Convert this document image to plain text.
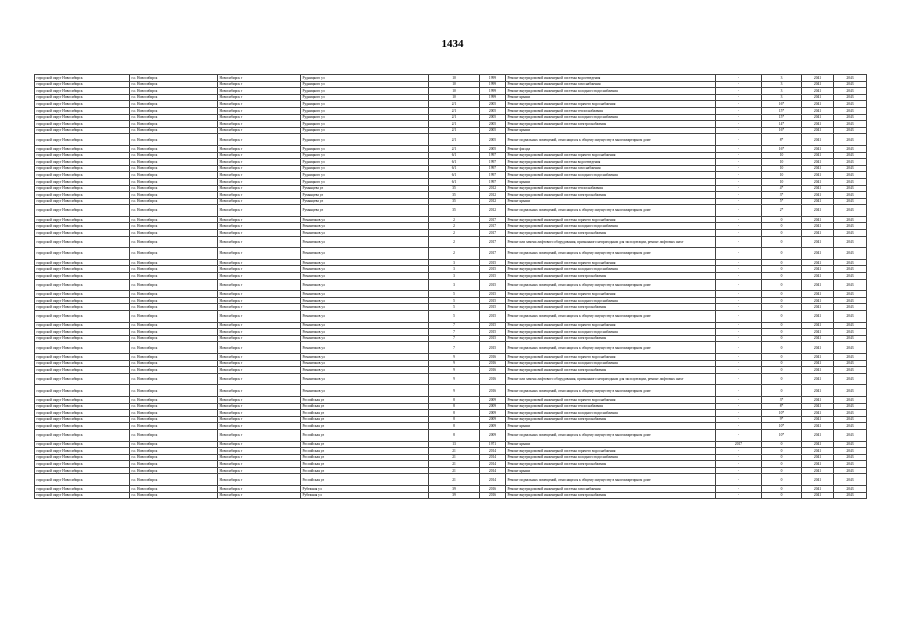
1434
городской округ Новосибирск	г.о. Новосибирск	Новосибирск г	Рудницкого ул	10	1999	Ремонт внутридомовой инженерной системы водоотведения	-	3	2041	2043
городской округ Новосибирск	г.о. Новосибирск	Новосибирск г	Рудницкого ул	10	1999	Ремонт внутридомовой инженерной системы газоснабжения	-	3	2041	2043
городской округ Новосибирск	г.о. Новосибирск	Новосибирск г	Рудницкого ул	10	1999	Ремонт внутридомовой инженерной системы холодного водоснабжения	-	3	2041	2043
городской округ Новосибирск	г.о. Новосибирск	Новосибирск г	Рудницкого ул	10	1999	Ремонт крыши	-	3	2041	2043
городской округ Новосибирск	г.о. Новосибирск	Новосибирск г	Рудницкого ул	2/1	2005	Ремонт внутридомовой инженерной системы горячего водоснабжения	-	16*	2041	2043
городской округ Новосибирск	г.о. Новосибирск	Новосибирск г	Рудницкого ул	2/1	2005	Ремонт внутридомовой инженерной системы теплоснабжения	-	15*	2041	2043
городской округ Новосибирск	г.о. Новосибирск	Новосибирск г	Рудницкого ул	2/1	2005	Ремонт внутридомовой инженерной системы холодного водоснабжения	-	15*	2041	2043
городской округ Новосибирск	г.о. Новосибирск	Новосибирск г	Рудницкого ул	2/1	2005	Ремонт внутридомовой инженерной системы электроснабжения	-	14*	2041	2043
городской округ Новосибирск	г.о. Новосибирск	Новосибирск г	Рудницкого ул	2/1	2005	Ремонт крыши	-	16*	2041	2043
городской округ Новосибирск	г.о. Новосибирск	Новосибирск г	Рудницкого ул	2/1	2005	Ремонт подвальных помещений, относящихся к общему имуществу в многоквартирном доме	-	8*	2041	2043
городской округ Новосибирск	г.о. Новосибирск	Новосибирск г	Рудницкого ул	2/1	2005	Ремонт фасада	-	16*	2041	2043
городской округ Новосибирск	г.о. Новосибирск	Новосибирск г	Рудницкого ул	6/1	1997	Ремонт внутридомовой инженерной системы горячего водоснабжения	-	10	2041	2043
городской округ Новосибирск	г.о. Новосибирск	Новосибирск г	Рудницкого ул	6/1	1997	Ремонт внутридомовой инженерной системы водоотведения	-	10	2041	2043
городской округ Новосибирск	г.о. Новосибирск	Новосибирск г	Рудницкого ул	6/1	1997	Ремонт внутридомовой инженерной системы газоснабжения	-	10	2041	2043
городской округ Новосибирск	г.о. Новосибирск	Новосибирск г	Рудницкого ул	6/1	1997	Ремонт внутридомовой инженерной системы холодного водоснабжения	-	10	2041	2043
городской округ Новосибирск	г.о. Новосибирск	Новосибирск г	Рудницкого ул	6/1	1997	Ремонт крыши	-	10	2041	2043
городской округ Новосибирск	г.о. Новосибирск	Новосибирск г	Румянцева ул	35	2012	Ремонт внутридомовой инженерной системы теплоснабжения	-	4*	2041	2043
городской округ Новосибирск	г.о. Новосибирск	Новосибирск г	Румянцева ул	35	2012	Ремонт внутридомовой инженерной системы электроснабжения	-	3*	2041	2043
городской округ Новосибирск	г.о. Новосибирск	Новосибирск г	Румянцева ул	35	2012	Ремонт крыши	-	5*	2041	2043
городской округ Новосибирск	г.о. Новосибирск	Новосибирск г	Румянцева ул	35	2012	Ремонт подвальных помещений, относящихся к общему имуществу в многоквартирном доме	-	2*	2041	2043
городской округ Новосибирск	г.о. Новосибирск	Новосибирск г	Романтиков ул	2	2017	Ремонт внутридомовой инженерной системы горячего водоснабжения	-	0	2041	2043
городской округ Новосибирск	г.о. Новосибирск	Новосибирск г	Романтиков ул	2	2017	Ремонт внутридомовой инженерной системы холодного водоснабжения	-	0	2041	2043
городской округ Новосибирск	г.о. Новосибирск	Новосибирск г	Романтиков ул	2	2017	Ремонт внутридомовой инженерной системы электроснабжения	-	0	2041	2043
городской округ Новосибирск	г.о. Новосибирск	Новосибирск г	Романтиков ул	2	2017	Ремонт или замена лифтового оборудования, признанного непригодным для эксплуатации, ремонт лифтовых шахт	-	0	2041	2043
городской округ Новосибирск	г.о. Новосибирск	Новосибирск г	Романтиков ул	2	2017	Ремонт подвальных помещений, относящихся к общему имуществу в многоквартирном доме	-	0	2041	2043
городской округ Новосибирск	г.о. Новосибирск	Новосибирск г	Романтиков ул	3	2015	Ремонт внутридомовой инженерной системы горячего водоснабжения	-	0	2041	2043
городской округ Новосибирск	г.о. Новосибирск	Новосибирск г	Романтиков ул	3	2015	Ремонт внутридомовой инженерной системы холодного водоснабжения	-	0	2041	2043
городской округ Новосибирск	г.о. Новосибирск	Новосибирск г	Романтиков ул	3	2015	Ремонт внутридомовой инженерной системы электроснабжения	-	0	2041	2043
городской округ Новосибирск	г.о. Новосибирск	Новосибирск г	Романтиков ул	3	2015	Ремонт подвальных помещений, относящихся к общему имуществу в многоквартирном доме	-	0	2041	2043
городской округ Новосибирск	г.о. Новосибирск	Новосибирск г	Романтиков ул	5	2015	Ремонт внутридомовой инженерной системы горячего водоснабжения	-	0	2041	2043
городской округ Новосибирск	г.о. Новосибирск	Новосибирск г	Романтиков ул	5	2015	Ремонт внутридомовой инженерной системы холодного водоснабжения	-	0	2041	2043
городской округ Новосибирск	г.о. Новосибирск	Новосибирск г	Романтиков ул	5	2015	Ремонт внутридомовой инженерной системы электроснабжения	-	0	2041	2043
городской округ Новосибирск	г.о. Новосибирск	Новосибирск г	Романтиков ул	5	2015	Ремонт подвальных помещений, относящихся к общему имуществу в многоквартирном доме	-	0	2041	2043
городской округ Новосибирск	г.о. Новосибирск	Новосибирск г	Романтиков ул	7	2015	Ремонт внутридомовой инженерной системы горячего водоснабжения	-	0	2041	2043
городской округ Новосибирск	г.о. Новосибирск	Новосибирск г	Романтиков ул	7	2015	Ремонт внутридомовой инженерной системы холодного водоснабжения	-	0	2041	2043
городской округ Новосибирск	г.о. Новосибирск	Новосибирск г	Романтиков ул	7	2015	Ремонт внутридомовой инженерной системы электроснабжения	-	0	2041	2043
городской округ Новосибирск	г.о. Новосибирск	Новосибирск г	Романтиков ул	7	2015	Ремонт подвальных помещений, относящихся к общему имуществу в многоквартирном доме	-	0	2041	2043
городской округ Новосибирск	г.о. Новосибирск	Новосибирск г	Романтиков ул	9	2016	Ремонт внутридомовой инженерной системы горячего водоснабжения	-	0	2041	2043
городской округ Новосибирск	г.о. Новосибирск	Новосибирск г	Романтиков ул	9	2016	Ремонт внутридомовой инженерной системы холодного водоснабжения	-	0	2041	2043
городской округ Новосибирск	г.о. Новосибирск	Новосибирск г	Романтиков ул	9	2016	Ремонт внутридомовой инженерной системы электроснабжения	-	0	2041	2043
городской округ Новосибирск	г.о. Новосибирск	Новосибирск г	Романтиков ул	9	2016	Ремонт или замена лифтового оборудования, признанного непригодным для эксплуатации, ремонт лифтовых шахт	-	0	2041	2043
городской округ Новосибирск	г.о. Новосибирск	Новосибирск г	Романтиков ул	9	2016	Ремонт подвальных помещений, относящихся к общему имуществу в многоквартирном доме	-	0	2041	2043
городской округ Новосибирск	г.о. Новосибирск	Новосибирск г	Российская ул	8	2009	Ремонт внутридомовой инженерной системы горячего водоснабжения	-	3*	2041	2043
городской округ Новосибирск	г.о. Новосибирск	Новосибирск г	Российская ул	8	2009	Ремонт внутридомовой инженерной системы теплоснабжения	-	8*	2041	2043
городской округ Новосибирск	г.о. Новосибирск	Новосибирск г	Российская ул	8	2009	Ремонт внутридомовой инженерной системы холодного водоснабжения	-	10*	2041	2043
городской округ Новосибирск	г.о. Новосибирск	Новосибирск г	Российская ул	8	2009	Ремонт внутридомовой инженерной системы электроснабжения	-	9*	2041	2043
городской округ Новосибирск	г.о. Новосибирск	Новосибирск г	Российская ул	8	2009	Ремонт крыши	-	10*	2041	2043
городской округ Новосибирск	г.о. Новосибирск	Новосибирск г	Российская ул	8	2009	Ремонт подвальных помещений, относящихся к общему имуществу в многоквартирном доме	-	10*	2041	2043
городской округ Новосибирск	г.о. Новосибирск	Новосибирск г	Российская ул	13	1971	Ремонт крыши	2017	0	2041	2043
городской округ Новосибирск	г.о. Новосибирск	Новосибирск г	Российская ул	21	2014	Ремонт внутридомовой инженерной системы горячего водоснабжения	-	0	2041	2043
городской округ Новосибирск	г.о. Новосибирск	Новосибирск г	Российская ул	21	2014	Ремонт внутридомовой инженерной системы холодного водоснабжения	-	0	2041	2043
городской округ Новосибирск	г.о. Новосибирск	Новосибирск г	Российская ул	21	2014	Ремонт внутридомовой инженерной системы электроснабжения	-	0	2041	2043
городской округ Новосибирск	г.о. Новосибирск	Новосибирск г	Российская ул	21	2014	Ремонт крыши	-	0	2041	2043
городской округ Новосибирск	г.о. Новосибирск	Новосибирск г	Российская ул	21	2014	Ремонт подвальных помещений, относящихся к общему имуществу в многоквартирном доме	-	0	2041	2043
городской округ Новосибирск	г.о. Новосибирск	Новосибирск г	Рубежная ул	39	2016	Ремонт внутридомовой инженерной системы газоснабжения	-	0	2041	2043
городской округ Новосибирск	г.о. Новосибирск	Новосибирск г	Рубежная ул	39	2016	Ремонт внутридомовой инженерной системы электроснабжения	-	0	2041	2043
